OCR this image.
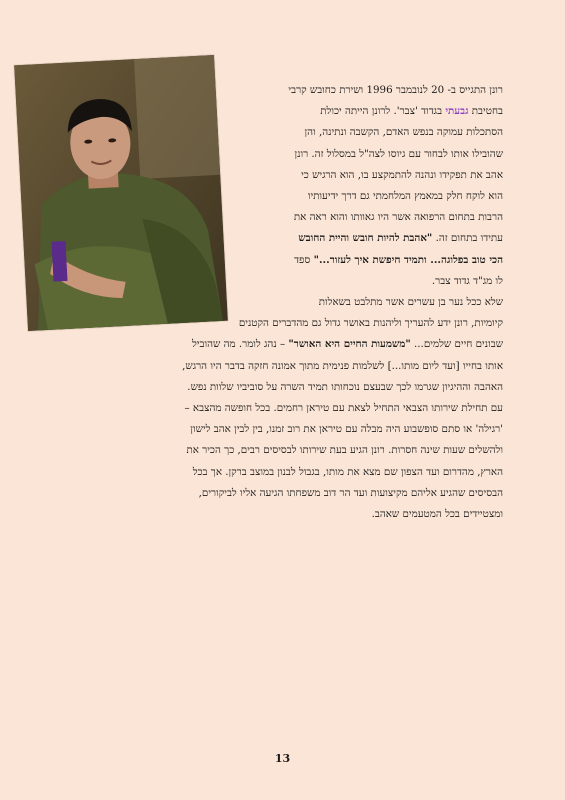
רונן התגייס ב- 20 לנובמבר 1996 ושירת כחובש קרבי
בחטיבת גבעתי בגדוד 'צבר'. לרונן הייתה יכולת
הסתכלות עמוקה בנפש האדם, הקשבה ונתינה, והן
שהובילו אותו לבחור עם גיוסו לצה"ל במסלול זה. רונן
אהב את תפקידו ונהנה להתמקצע בו, הוא הרגיש כי
הוא לוקח חלק במאמץ המלחמתי גם דרך ידיעותיו
הרבות בתחום הרפואה אשר היו גאוותו והוא ראה את
עתידו בתחום זה. "אהבת להיות חובש והיית החובש
הכי טוב בפלוגה... ותמיד חיפשת איך לעזור..." ספד
לו מג"ד גדוד צבר.
שלא ככל נער בן עשרים אשר מתלבט בשאלות
קיומיות, רונן ידע להעריך וליהנות באושר גדול גם מהדברים הקטנים
שבונים חיים שלמים... "משמעות החיים היא האושר" – נהג לומר. מה שהוביל
אותו בחייו [ועד ליום מותו...] לשלמות פנימית מתוך אמונה חזקה בדבר היו הרגש,
האהבה וההיגיון שגרמו לכך שבעצם נוכחותו תמיד השרה על סוביביו שלוות נפש.
עם תחילת שירותו הצבאי התחיל לצאת עם טיראן רחמים. בכל חופשה מהצבא –
'רגילה' או סתם סופשבוע היה מבלה עם טיראן את רוב זמנו, בין לבין אהב לישון
ולהשלים שעות שינה חסרות. רונן הגיע בעת שירותו לבסיסים רבים, כך הכיר את
הארץ, מהדרום ועד הצפון שם מצא את מותו, בגבול לבנון במוצב ברקן. אך בכל
הבסיסים שהגיע אליהם מקיצועות ועד הר דוב משפחתו הגיעה אליו לביקורים,
ומצטיידים בכל המטעמים שאהב.
13
